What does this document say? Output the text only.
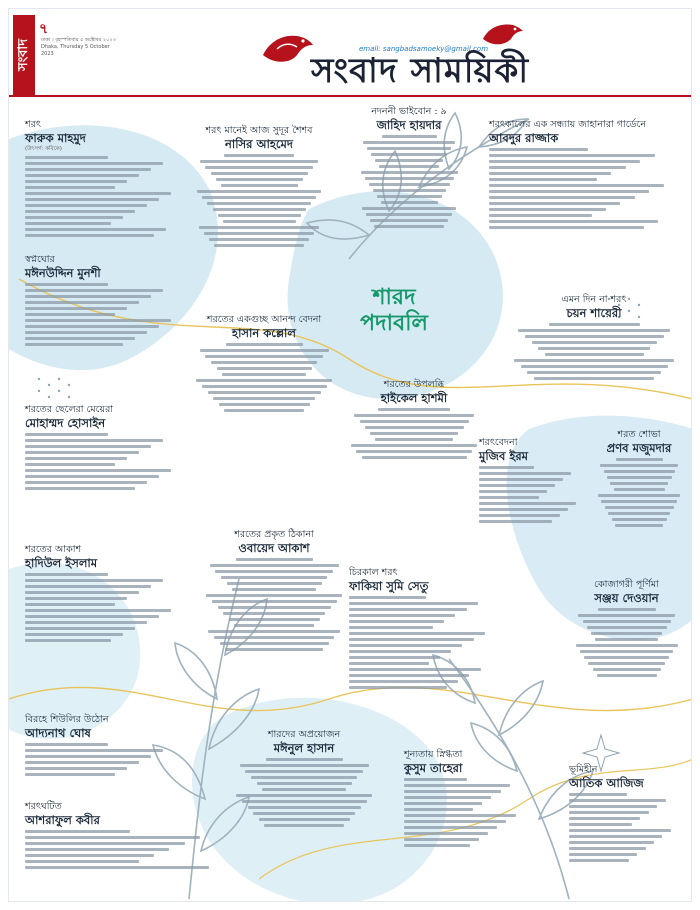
সংবাদ
৭
ঢাকা । বৃহস্পতিবার ৫ অক্টোবর ২০২৩ Dhaka, Thursday 5 October 2023
email: sangbadsamoeky@gmail.com
সংবাদ সাময়িকী
শারদ পদাবলি
শরৎ
ফারুক মাহমুদ
(উৎসর্গ: কবিকে)
স্বপ্নঘোর
মঈনউদ্দিন মুনশী
শরতের ছেলেরা মেয়েরা
মোহাম্মদ হোসাইন
শরতের আকাশ
হাদিউল ইসলাম
বিরহে শিউলির উঠোন
আদ্যনাথ ঘোষ
শরৎঘটিত
আশরাফুল কবীর
শরৎ মানেই আজ সুদূর শৈশব
নাসির আহমেদ
শরতের একগুচ্ছ আনন্দ বেদনা
হাসান কল্লোল
শরতের প্রকৃত ঠিকানা
ওবায়েদ আকাশ
শারদের অপ্রয়োজন
মঈনুল হাসান
নদননী ভাইবোন : ৯
জাহিদ হায়দার
শরতের উপলব্ধি
হাইকেল হাশমী
চিরকাল শরৎ
ফাকিয়া সুমি সেতু
শূন্যতায় স্নিগ্ধতা
কুসুম তাহেরা
শরৎকালের এক সন্ধ্যায় জাহানারা গার্ডেনে
আবদুর রাজ্জাক
এমন দিন না শরৎ
চয়ন শায়েরী
শরৎবেদনা
মুজিব ইরম
শরত শোভা
প্রণব মজুমদার
কোজাগরী পূর্ণিমা
সঞ্জয় দেওয়ান
ভূমিহীন
আতিক আজিজ
